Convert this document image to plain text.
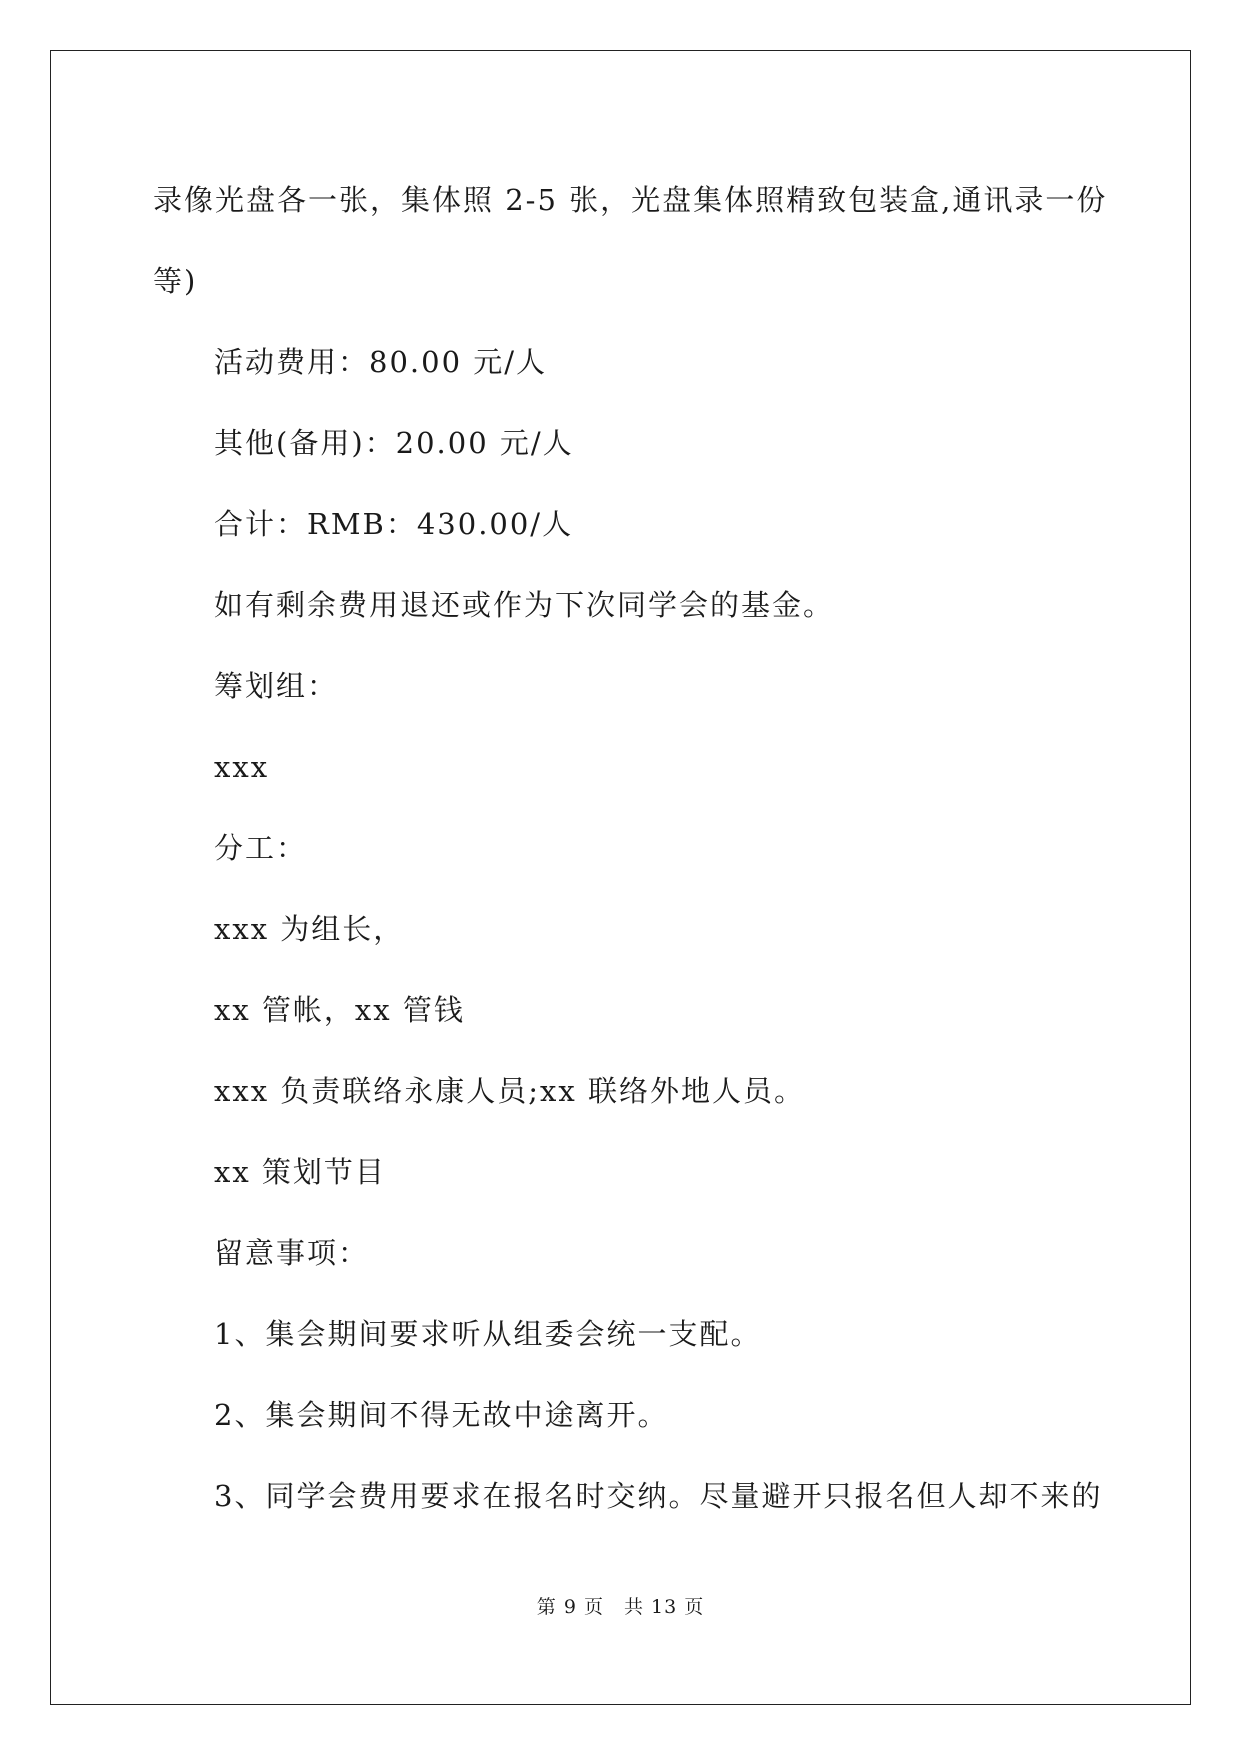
录像光盘各一张，集体照 2-5 张，光盘集体照精致包装盒,通讯录一份
等)
活动费用：80.00 元/人
其他(备用)：20.00 元/人
合计：RMB：430.00/人
如有剩余费用退还或作为下次同学会的基金。
筹划组：
xxx
分工：
xxx 为组长，
xx 管帐，xx 管钱
xxx 负责联络永康人员;xx 联络外地人员。
xx 策划节目
留意事项：
1、集会期间要求听从组委会统一支配。
2、集会期间不得无故中途离开。
3、同学会费用要求在报名时交纳。尽量避开只报名但人却不来的
第 9 页　共 13 页
